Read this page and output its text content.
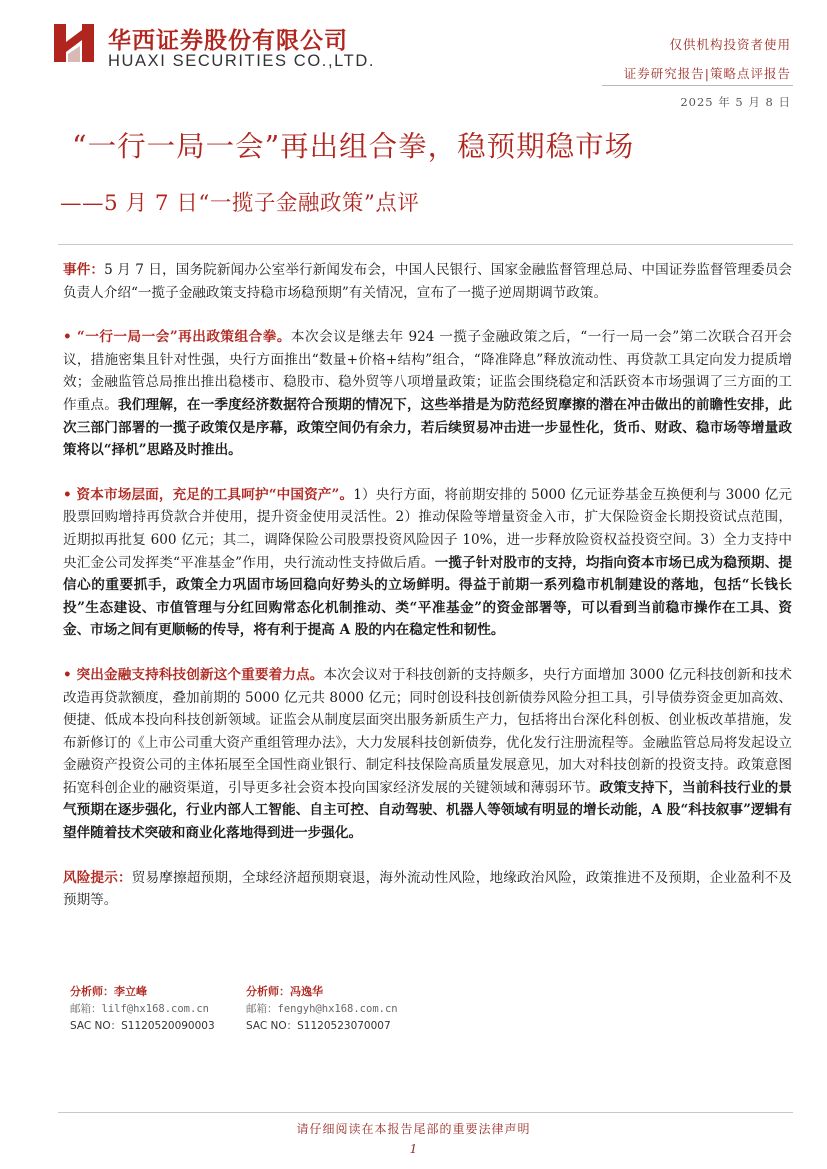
华西证券股份有限公司
HUAXI SECURITIES CO.,LTD.
仅供机构投资者使用
证券研究报告|策略点评报告
2025 年 5 月 8 日
“一行一局一会”再出组合拳，稳预期稳市场
——5 月 7 日“一揽子金融政策”点评

事件：5 月 7 日，国务院新闻办公室举行新闻发布会，中国人民银行、国家金融监督管理总局、中国证券监督管理委员会负责人介绍“一揽子金融政策支持稳市场稳预期”有关情况，宣布了一揽子逆周期调节政策。

• “一行一局一会”再出政策组合拳。本次会议是继去年 924 一揽子金融政策之后，“一行一局一会”第二次联合召开会议，措施密集且针对性强，央行方面推出“数量+价格+结构”组合，“降准降息”释放流动性、再贷款工具定向发力提质增效；金融监管总局推出推出稳楼市、稳股市、稳外贸等八项增量政策；证监会围绕稳定和活跃资本市场强调了三方面的工作重点。我们理解，在一季度经济数据符合预期的情况下，这些举措是为防范经贸摩擦的潜在冲击做出的前瞻性安排，此次三部门部署的一揽子政策仅是序幕，政策空间仍有余力，若后续贸易冲击进一步显性化，货币、财政、稳市场等增量政策将以“择机”思路及时推出。

• 资本市场层面，充足的工具呵护“中国资产”。1）央行方面，将前期安排的 5000 亿元证券基金互换便利与 3000 亿元股票回购增持再贷款合并使用，提升资金使用灵活性。2）推动保险等增量资金入市，扩大保险资金长期投资试点范围，近期拟再批复 600 亿元；其二，调降保险公司股票投资风险因子 10%，进一步释放险资权益投资空间。3）全力支持中央汇金公司发挥类“平准基金”作用，央行流动性支持做后盾。一揽子针对股市的支持，均指向资本市场已成为稳预期、提信心的重要抓手，政策全力巩固市场回稳向好势头的立场鲜明。得益于前期一系列稳市机制建设的落地，包括“长钱长投”生态建设、市值管理与分红回购常态化机制推动、类“平准基金”的资金部署等，可以看到当前稳市操作在工具、资金、市场之间有更顺畅的传导，将有利于提高 A 股的内在稳定性和韧性。

• 突出金融支持科技创新这个重要着力点。本次会议对于科技创新的支持颇多，央行方面增加 3000 亿元科技创新和技术改造再贷款额度，叠加前期的 5000 亿元共 8000 亿元；同时创设科技创新债券风险分担工具，引导债券资金更加高效、便捷、低成本投向科技创新领域。证监会从制度层面突出服务新质生产力，包括将出台深化科创板、创业板改革措施，发布新修订的《上市公司重大资产重组管理办法》，大力发展科技创新债券，优化发行注册流程等。金融监管总局将发起设立金融资产投资公司的主体拓展至全国性商业银行、制定科技保险高质量发展意见，加大对科技创新的投资支持。政策意图拓宽科创企业的融资渠道，引导更多社会资本投向国家经济发展的关键领域和薄弱环节。政策支持下，当前科技行业的景气预期在逐步强化，行业内部人工智能、自主可控、自动驾驶、机器人等领域有明显的增长动能，A 股“科技叙事”逻辑有望伴随着技术突破和商业化落地得到进一步强化。

风险提示：贸易摩擦超预期，全球经济超预期衰退，海外流动性风险，地缘政治风险，政策推进不及预期，企业盈利不及预期等。

分析师：李立峰
邮箱：lilf@hx168.com.cn
SAC NO：S1120520090003
分析师：冯逸华
邮箱：fengyh@hx168.com.cn
SAC NO：S1120523070007
请仔细阅读在本报告尾部的重要法律声明
1
